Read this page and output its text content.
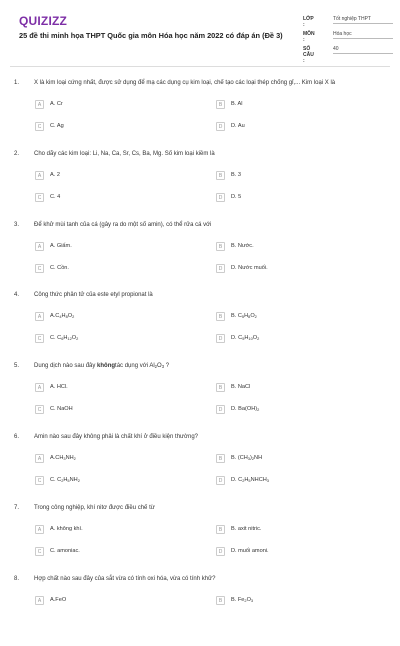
QUIZIZZ
25 đề thi minh họa THPT Quốc gia môn Hóa học năm 2022 có đáp án (Đề 3)
LỚP :
Tốt nghiệp THPT
MÔN :
Hóa học
SỐ CÂU :
40
1. X là kim loại cứng nhất, được sử dụng để mạ các dụng cụ kim loại, chế tạo các loại thép chống gỉ,... Kim loại X là
A	A. Cr	B	B. Al
C	C. Ag	D	D. Au
2. Cho dãy các kim loại: Li, Na, Ca, Sr, Cs, Ba, Mg. Số kim loại kiềm là
A	A. 2	B	B. 3
C	C. 4	D	D. 5
3. Để khử mùi tanh của cá (gây ra do một số amin), có thể rửa cá với
A	A. Giấm.	B	B. Nước.
C	C. Cồn.	D	D. Nước muối.
4. Công thức phân tử của este etyl propionat là
A	$A.C_4H_8O_2$	B	B. $C_5H_8O_2$
C	C. $C_6H_{12}O_2$	D	D. $C_5H_{10}O_2$
5. Dung dịch nào sau đây khôngtác dụng với $Al_2O_3$ ?
A	A. HCl.	B	B. NaCl
C	C. NaOH	D	D. $Ba(OH)_2$
6. Amin nào sau đây không phải là chất khí ở điều kiện thường?
A	$A.CH_3NH_2$	B	B. $(CH_3)_2NH$
C	C. $C_2H_5NH_2$	D	D. $C_2H_5NHCH_3$
7. Trong công nghiệp, khí nitơ được điều chế từ
A	A. không khí.	B	B. axit nitric.
C	C. amoniac.	D	D. muối amoni.
8. Hợp chất nào sau đây của sắt vừa có tính oxi hóa, vừa có tính khử?
A	A.FeO	B	B. $Fe_2O_3$
